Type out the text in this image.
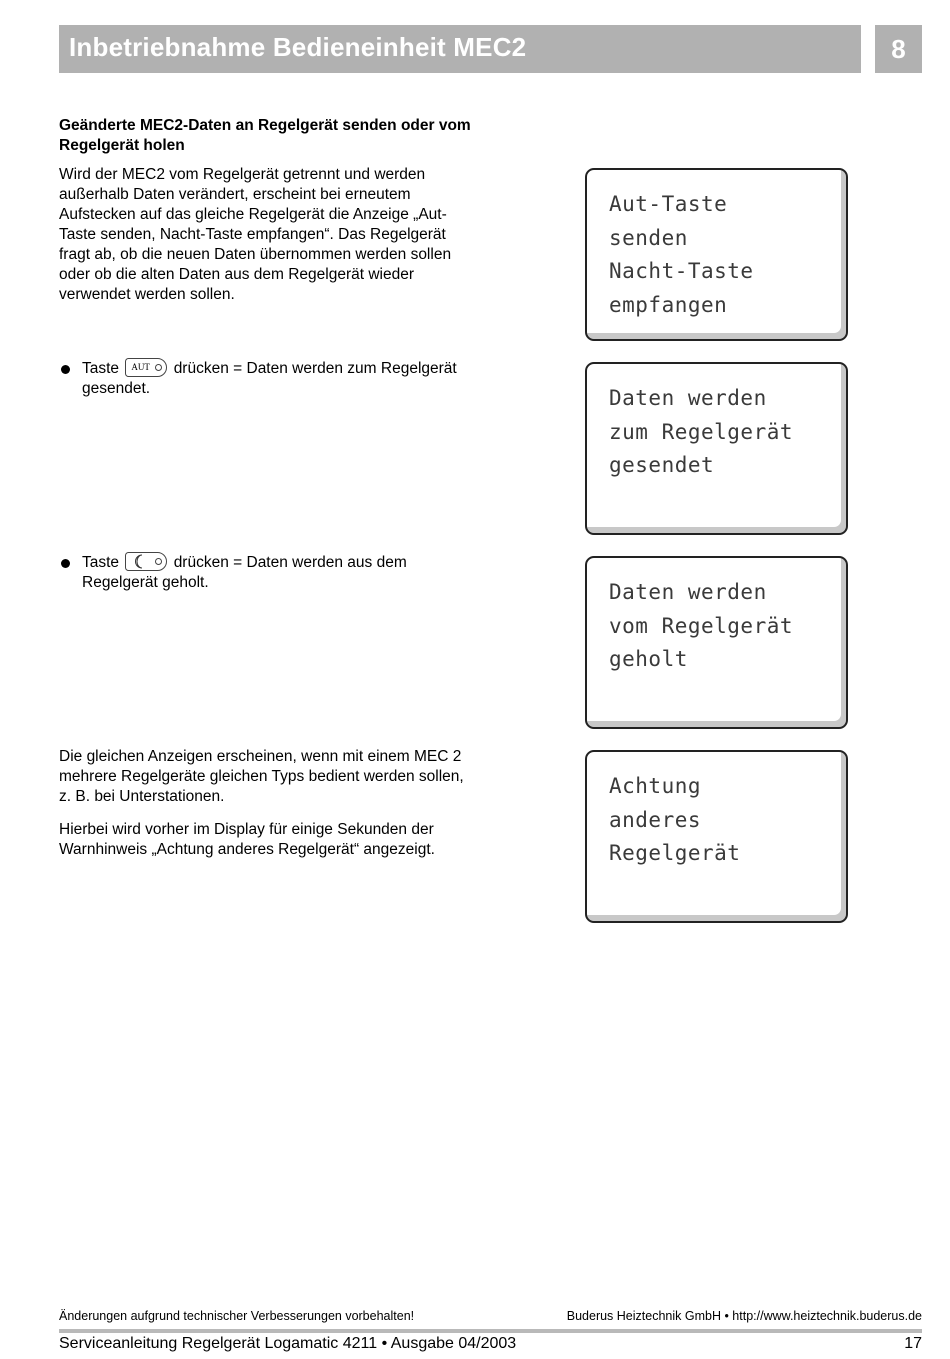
Inbetriebnahme Bedieneinheit MEC2	8
Geänderte MEC2-Daten an Regelgerät senden oder vom Regelgerät holen
Wird der MEC2 vom Regelgerät getrennt und werden außerhalb Daten verändert, erscheint bei erneutem Aufstecken auf das gleiche Regelgerät die Anzeige „Aut-Taste senden, Nacht-Taste empfangen“. Das Regelgerät fragt ab, ob die neuen Daten übernommen werden sollen oder ob die alten Daten aus dem Regelgerät wieder verwendet werden sollen.
Taste AUT drücken = Daten werden zum Regelgerät gesendet.
Taste	drücken = Daten werden aus dem Regelgerät geholt.
Die gleichen Anzeigen erscheinen, wenn mit einem MEC 2 mehrere Regelgeräte gleichen Typs bedient werden sollen, z. B. bei Unterstationen.
Hierbei wird vorher im Display für einige Sekunden der Warnhinweis „Achtung anderes Regelgerät“ angezeigt.
Aut-Taste
senden
Nacht-Taste
empfangen
Daten werden
zum Regelgerät
gesendet
Daten werden
vom Regelgerät
geholt
Achtung
anderes
Regelgerät
Änderungen aufgrund technischer Verbesserungen vorbehalten!	Buderus Heiztechnik GmbH • http://www.heiztechnik.buderus.de
Serviceanleitung Regelgerät Logamatic 4211 • Ausgabe 04/2003	17
